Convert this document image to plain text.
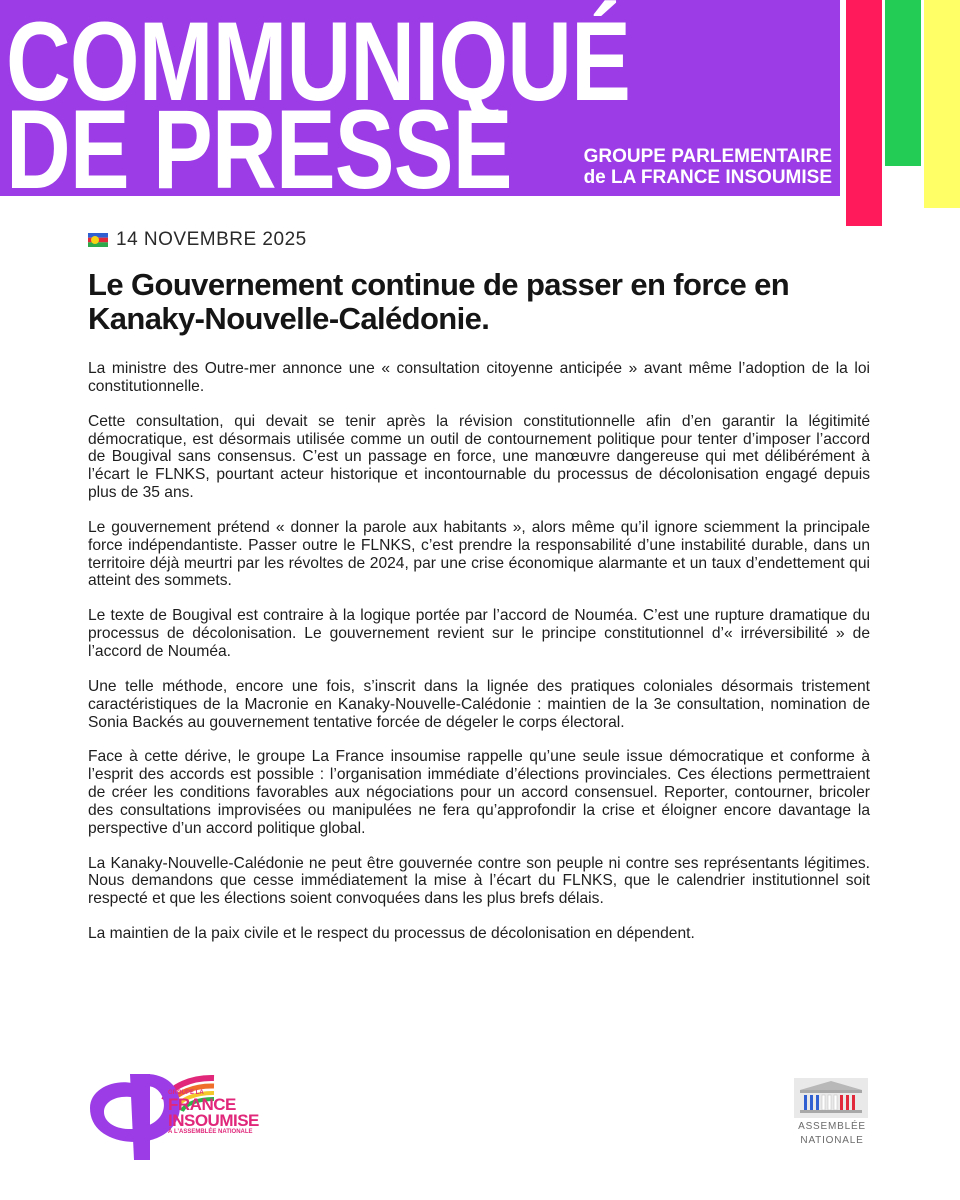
COMMUNIQUÉ
DE PRESSE	GROUPE PARLEMENTAIRE
de LA FRANCE INSOUMISE
14 NOVEMBRE 2025
Le Gouvernement continue de passer en force en Kanaky-Nouvelle-Calédonie.

La ministre des Outre-mer annonce une « consultation citoyenne anticipée » avant même l’adoption de la loi constitutionnelle.

Cette consultation, qui devait se tenir après la révision constitutionnelle afin d’en garantir la légitimité démocratique, est désormais utilisée comme un outil de contournement politique pour tenter d’imposer l’accord de Bougival sans consensus. C’est un passage en force, une manœuvre dangereuse qui met délibérément à l’écart le FLNKS, pourtant acteur historique et incontournable du processus de décolonisation engagé depuis plus de 35 ans.

Le gouvernement prétend « donner la parole aux habitants », alors même qu’il ignore sciemment la principale force indépendantiste. Passer outre le FLNKS, c’est prendre la responsabilité d’une instabilité durable, dans un territoire déjà meurtri par les révoltes de 2024, par une crise économique alarmante et un taux d’endettement qui atteint des sommets.

Le texte de Bougival est contraire à la logique portée par l’accord de Nouméa. C’est une rupture dramatique du processus de décolonisation. Le gouvernement revient sur le principe constitutionnel d’« irréversibilité » de l’accord de Nouméa.

Une telle méthode, encore une fois, s’inscrit dans la lignée des pratiques coloniales désormais tristement caractéristiques de la Macronie en Kanaky-Nouvelle-Calédonie : maintien de la 3e consultation, nomination de Sonia Backés au gouvernement tentative forcée de dégeler le corps électoral.

Face à cette dérive, le groupe La France insoumise rappelle qu’une seule issue démocratique et conforme à l’esprit des accords est possible : l’organisation immédiate d’élections provinciales. Ces élections permettraient de créer les conditions favorables aux négociations pour un accord consensuel. Reporter, contourner, bricoler des consultations improvisées ou manipulées ne fera qu’approfondir la crise et éloigner encore davantage la perspective d’un accord politique global.

La Kanaky-Nouvelle-Calédonie ne peut être gouvernée contre son peuple ni contre ses représentants légitimes. Nous demandons que cesse immédiatement la mise à l’écart du FLNKS, que le calendrier institutionnel soit respecté et que les élections soient convoquées dans les plus brefs délais.

La maintien de la paix civile et le respect du processus de décolonisation en dépendent.

GROUPE LA
FRANCE
INSOUMISE
À L’ASSEMBLÉE NATIONALE	ASSEMBLÉE
NATIONALE
